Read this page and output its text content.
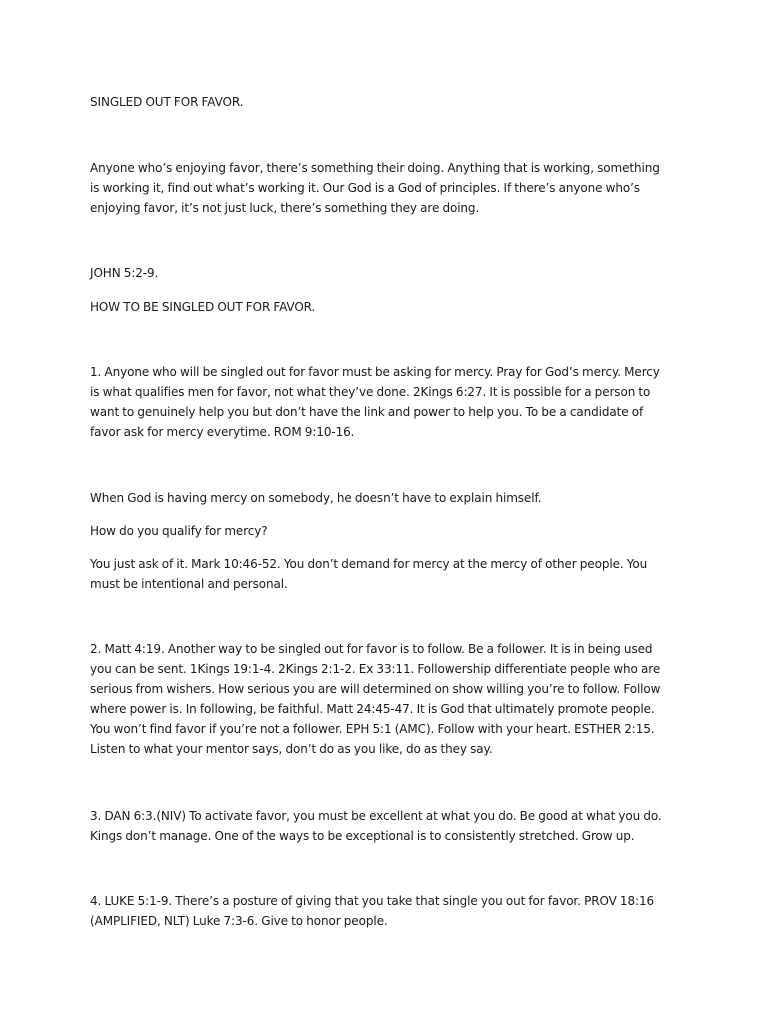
SINGLED OUT FOR FAVOR.

Anyone who’s enjoying favor, there’s something their doing. Anything that is working, something is working it, find out what’s working it. Our God is a God of principles. If there’s anyone who’s enjoying favor, it’s not just luck, there’s something they are doing.

JOHN 5:2-9.

HOW TO BE SINGLED OUT FOR FAVOR.

1. Anyone who will be singled out for favor must be asking for mercy. Pray for God’s mercy. Mercy is what qualifies men for favor, not what they’ve done. 2Kings 6:27. It is possible for a person to want to genuinely help you but don’t have the link and power to help you. To be a candidate of favor ask for mercy everytime. ROM 9:10-16.

When God is having mercy on somebody, he doesn’t have to explain himself.

How do you qualify for mercy?

You just ask of it. Mark 10:46-52. You don’t demand for mercy at the mercy of other people. You must be intentional and personal.

2. Matt 4:19. Another way to be singled out for favor is to follow. Be a follower. It is in being used you can be sent. 1Kings 19:1-4. 2Kings 2:1-2. Ex 33:11. Followership differentiate people who are serious from wishers. How serious you are will determined on show willing you’re to follow. Follow where power is. In following, be faithful. Matt 24:45-47. It is God that ultimately promote people. You won’t find favor if you’re not a follower. EPH 5:1 (AMC). Follow with your heart. ESTHER 2:15. Listen to what your mentor says, don’t do as you like, do as they say.

3. DAN 6:3.(NIV) To activate favor, you must be excellent at what you do. Be good at what you do. Kings don’t manage. One of the ways to be exceptional is to consistently stretched. Grow up.

4. LUKE 5:1-9. There’s a posture of giving that you take that single you out for favor. PROV 18:16 (AMPLIFIED, NLT) Luke 7:3-6. Give to honor people.
